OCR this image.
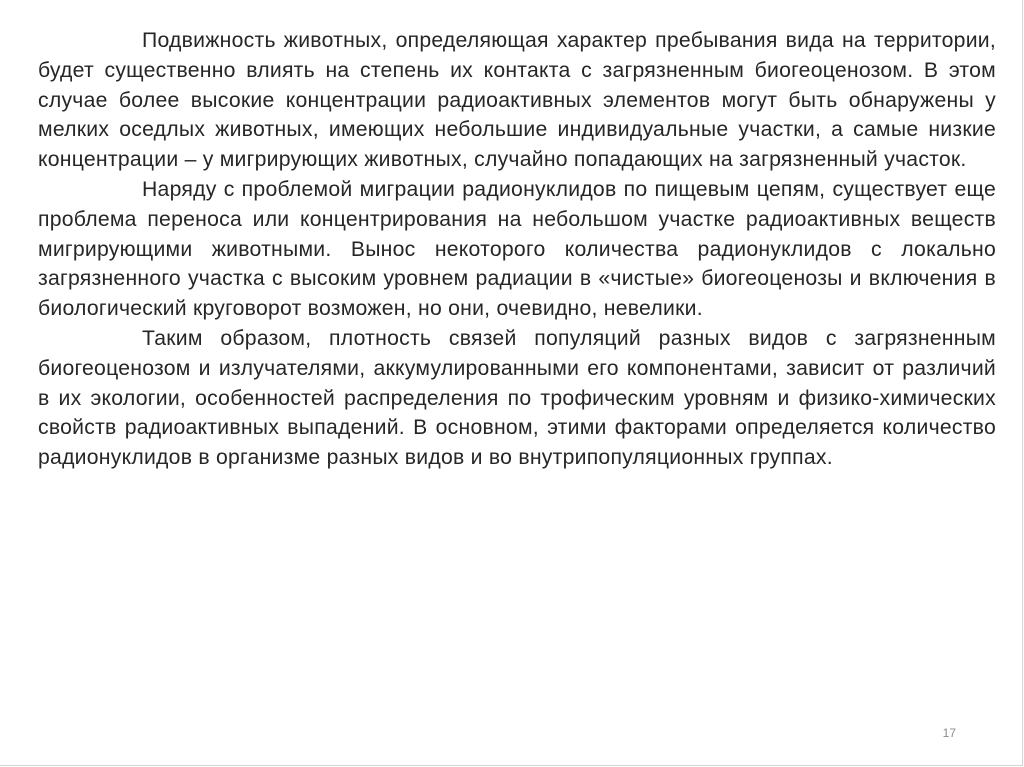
Подвижность животных, определяющая характер пребывания вида на территории, будет существенно влиять на степень их контакта с загрязненным биогеоценозом. В этом случае более высокие концентрации радиоактивных элементов могут быть обнаружены у мелких оседлых животных, имеющих небольшие индивидуальные участки, а самые низкие концентрации – у мигрирующих животных, случайно попадающих на загрязненный участок.

Наряду с проблемой миграции радионуклидов по пищевым цепям, существует еще проблема переноса или концентрирования на небольшом участке радиоактивных веществ мигрирующими животными. Вынос некоторого количества радионуклидов с локально загрязненного участка с высоким уровнем радиации в «чистые» биогеоценозы и включения в биологический круговорот возможен, но они, очевидно, невелики.

Таким образом, плотность связей популяций разных видов с загрязненным биогеоценозом и излучателями, аккумулированными его компонентами, зависит от различий в их экологии, особенностей распределения по трофическим уровням и физико-химических свойств радиоактивных выпадений. В основном, этими факторами определяется количество радионуклидов в организме разных видов и во внутрипопуляционных группах.

17
